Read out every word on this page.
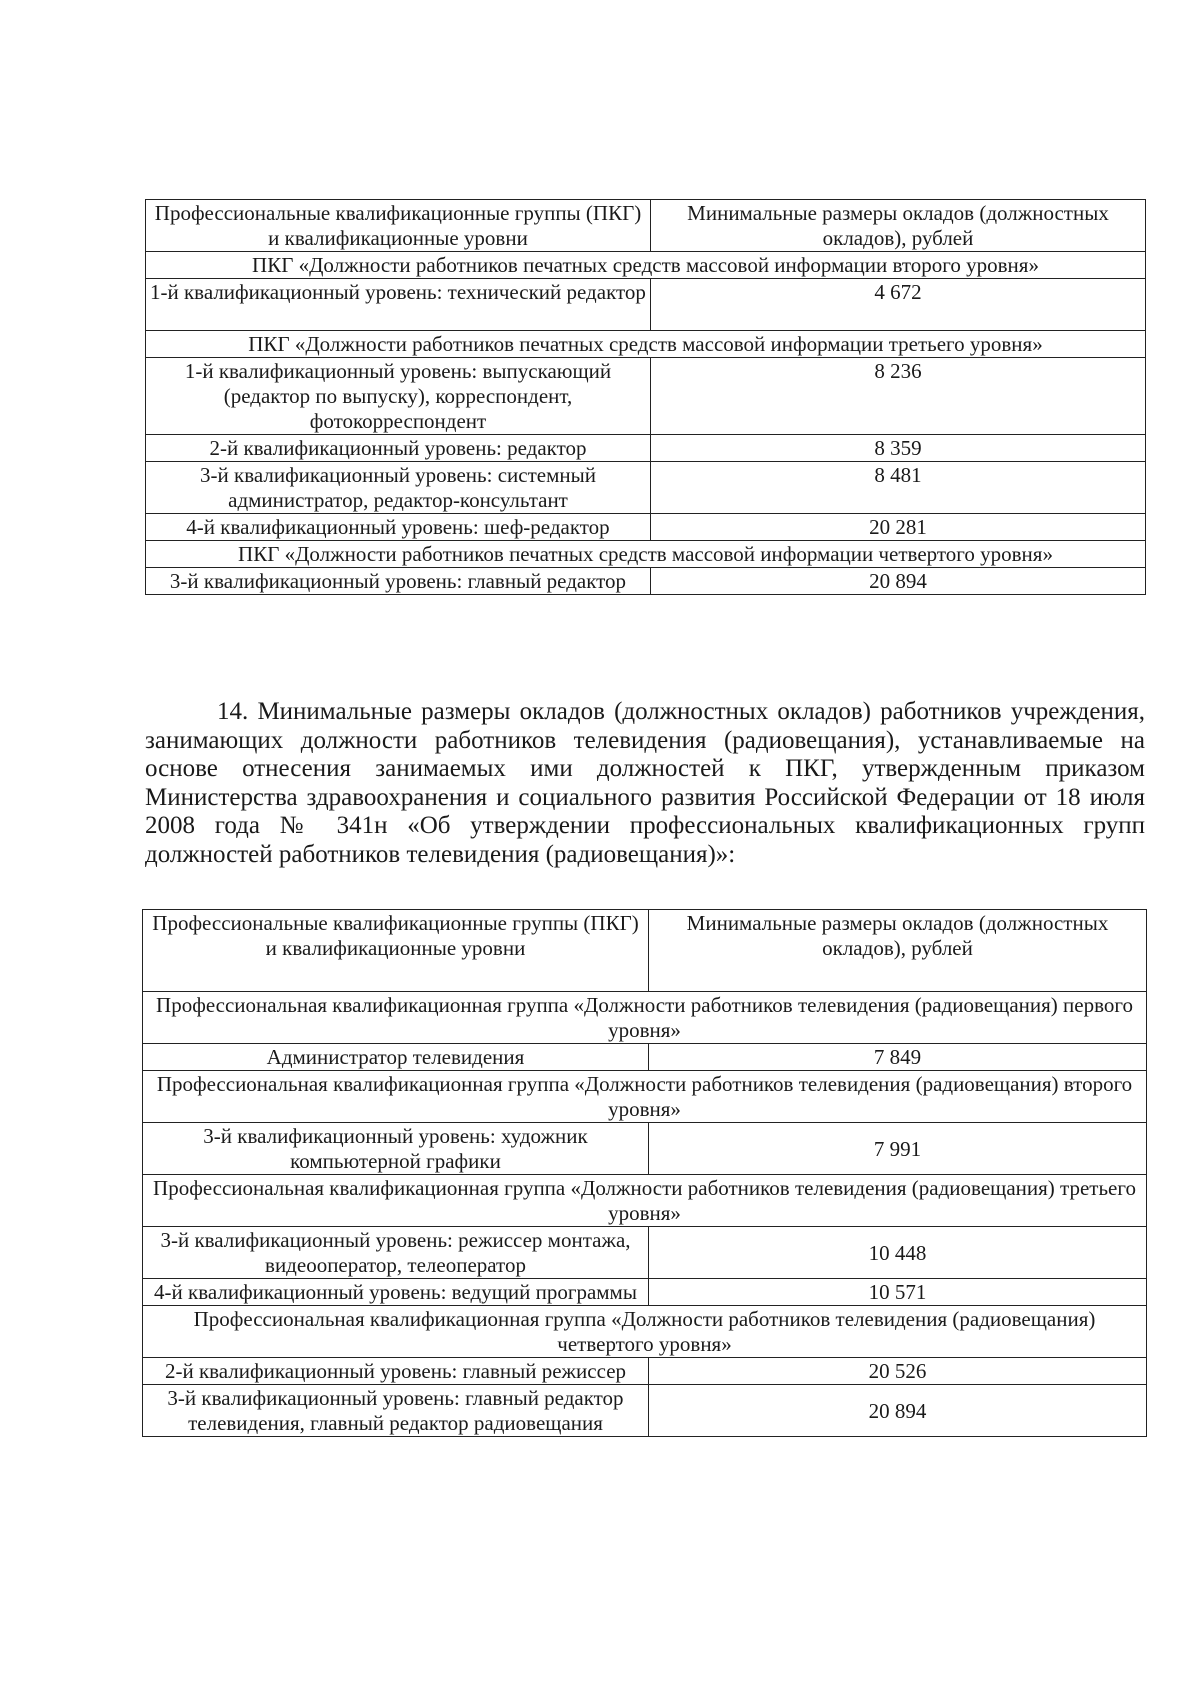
Профессиональные квалификационные группы (ПКГ) и квалификационные уровни	Минимальные размеры окладов (должностных окладов), рублей
ПКГ «Должности работников печатных средств массовой информации второго уровня»	
1-й квалификационный уровень: технический редактор	4 672
ПКГ «Должности работников печатных средств массовой информации третьего уровня»	
1-й квалификационный уровень: выпускающий (редактор по выпуску), корреспондент, фотокорреспондент	8 236
2-й квалификационный уровень: редактор	8 359
3-й квалификационный уровень: системный администратор, редактор-консультант	8 481
4-й квалификационный уровень: шеф-редактор	20 281
ПКГ «Должности работников печатных средств массовой информации четвертого уровня»	
3-й квалификационный уровень: главный редактор	20 894

14. Минимальные размеры окладов (должностных окладов) работников учреждения, занимающих должности работников телевидения (радиовещания), устанавливаемые на основе отнесения занимаемых ими должностей к ПКГ, утвержденным приказом Министерства здравоохранения и социального развития Российской Федерации от 18 июля 2008 года № 341н «Об утверждении профессиональных квалификационных групп должностей работников телевидения (радиовещания)»:

Профессиональные квалификационные группы (ПКГ) и квалификационные уровни	Минимальные размеры окладов (должностных окладов), рублей
Профессиональная квалификационная группа «Должности работников телевидения (радиовещания) первого уровня»	
Администратор телевидения	7 849
Профессиональная квалификационная группа «Должности работников телевидения (радиовещания) второго уровня»	
3-й квалификационный уровень: художник компьютерной графики	7 991
Профессиональная квалификационная группа «Должности работников телевидения (радиовещания) третьего уровня»	
3-й квалификационный уровень: режиссер монтажа, видеооператор, телеоператор	10 448
4-й квалификационный уровень: ведущий программы	10 571
Профессиональная квалификационная группа «Должности работников телевидения (радиовещания) четвертого уровня»	
2-й квалификационный уровень: главный режиссер	20 526
3-й квалификационный уровень: главный редактор телевидения, главный редактор радиовещания	20 894
